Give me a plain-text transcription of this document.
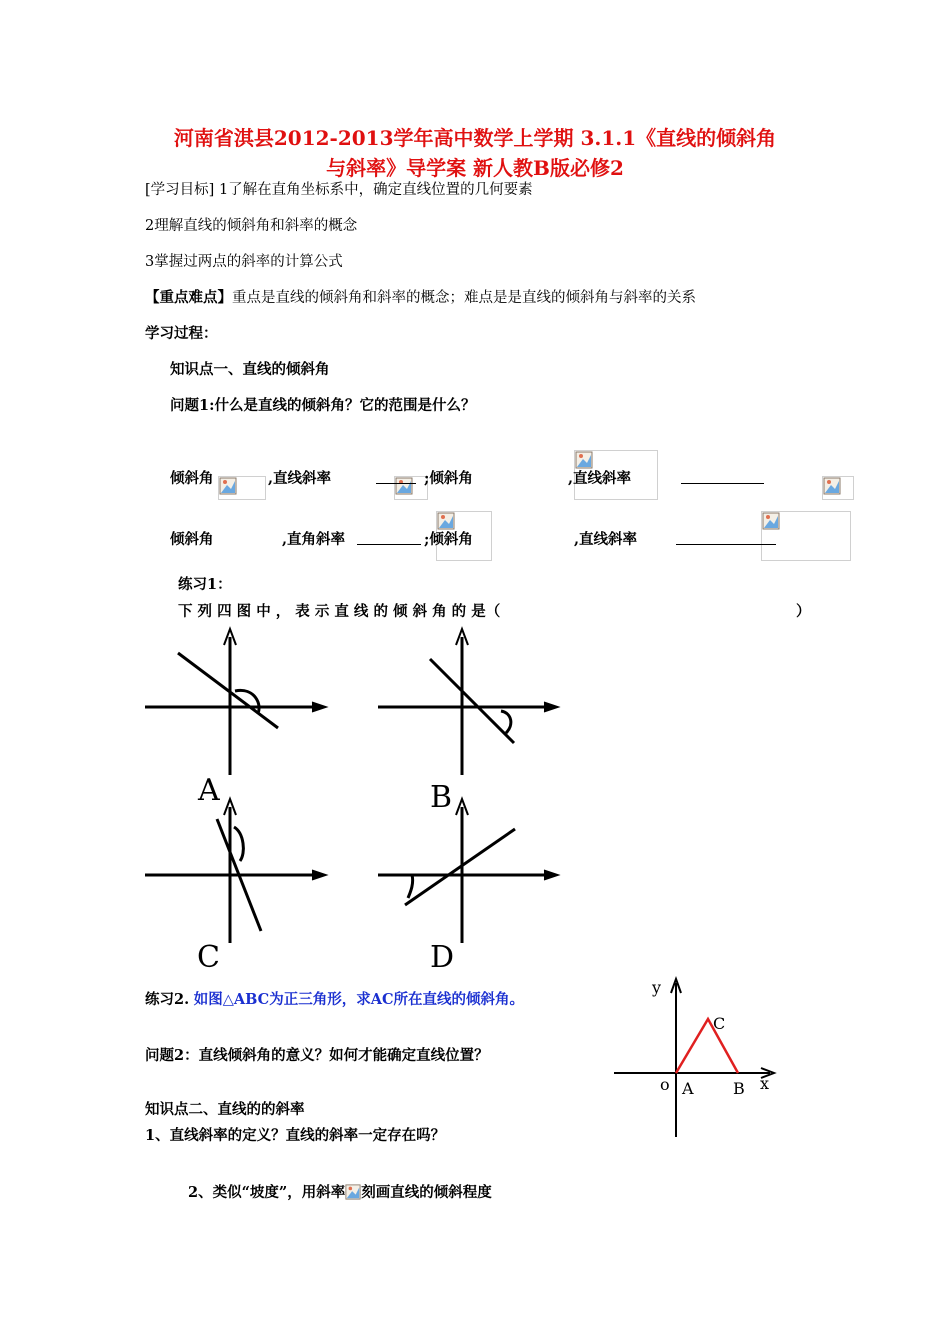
河南省淇县2012-2013学年高中数学上学期 3.1.1《直线的倾斜角
与斜率》导学案 新人教B版必修2
[学习目标] 1了解在直角坐标系中，确定直线位置的几何要素
2理解直线的倾斜角和斜率的概念
3掌握过两点的斜率的计算公式
【重点难点】重点是直线的倾斜角和斜率的概念；难点是是直线的倾斜角与斜率的关系
学习过程：
知识点一、直线的倾斜角
问题1:什么是直线的倾斜角？它的范围是什么？
倾斜角
	,直线斜率
	;倾斜角
	,直线斜率

倾斜角
	,直角斜率	;倾斜角
	,直线斜率
练习1：
下 列 四 图 中 ， 表 示 直 线 的 倾 斜 角 的 是（	）
A	B
C	D
练习2. 如图△ABC为正三角形，求AC所在直线的倾斜角。
y
x
o A B
C
问题2：直线倾斜角的意义？如何才能确定直线位置？
知识点二、直线的的斜率
1、直线斜率的定义？直线的斜率一定存在吗？
2、类似“坡度”，用斜率 刻画直线的倾斜程度
